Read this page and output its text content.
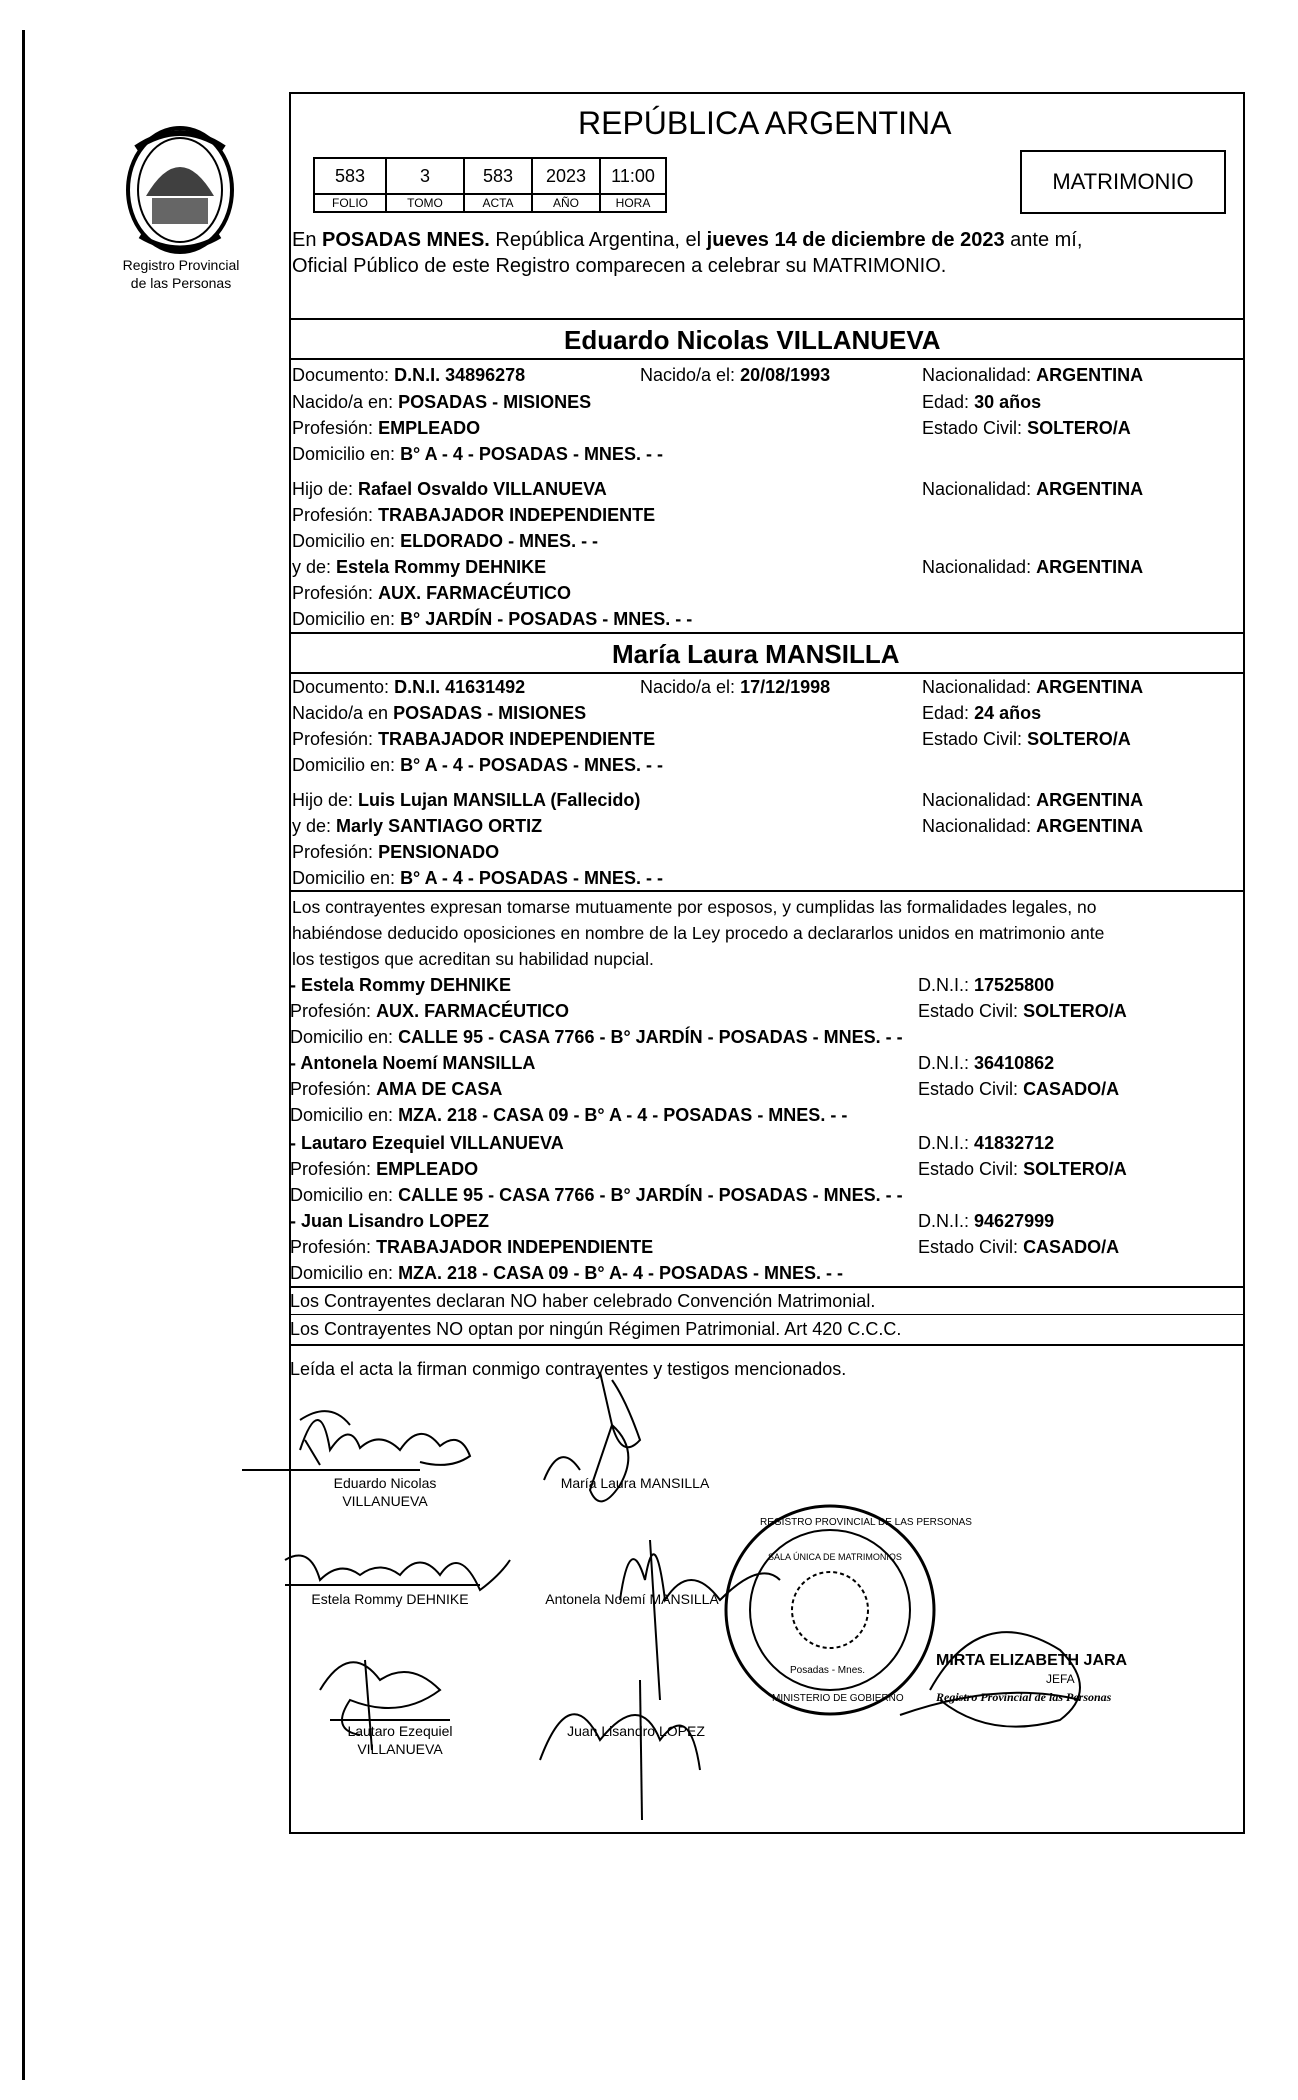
Registro Provincial
de las Personas
REPÚBLICA ARGENTINA
583	3	583	2023	11:00
FOLIO	TOMO	ACTA	AÑO	HORA
MATRIMONIO
En POSADAS MNES. República Argentina, el jueves 14 de diciembre de 2023 ante mí,
Oficial Público de este Registro comparecen a celebrar su MATRIMONIO.
Eduardo Nicolas VILLANUEVA
Documento: D.N.I. 34896278	Nacido/a el: 20/08/1993	Nacionalidad: ARGENTINA
Nacido/a en: POSADAS - MISIONES	Edad: 30 años
Profesión: EMPLEADO	Estado Civil: SOLTERO/A
Domicilio en: B° A - 4 - POSADAS - MNES. - -
Hijo de: Rafael Osvaldo VILLANUEVA	Nacionalidad: ARGENTINA
Profesión: TRABAJADOR INDEPENDIENTE
Domicilio en: ELDORADO - MNES. - -
y de: Estela Rommy DEHNIKE	Nacionalidad: ARGENTINA
Profesión: AUX. FARMACÉUTICO
Domicilio en: B° JARDÍN - POSADAS - MNES. - -
María Laura MANSILLA
Documento: D.N.I. 41631492	Nacido/a el: 17/12/1998	Nacionalidad: ARGENTINA
Nacido/a en POSADAS - MISIONES	Edad: 24 años
Profesión: TRABAJADOR INDEPENDIENTE	Estado Civil: SOLTERO/A
Domicilio en: B° A - 4 - POSADAS - MNES. - -
Hijo de: Luis Lujan MANSILLA (Fallecido)	Nacionalidad: ARGENTINA
y de: Marly SANTIAGO ORTIZ	Nacionalidad: ARGENTINA
Profesión: PENSIONADO
Domicilio en: B° A - 4 - POSADAS - MNES. - -
Los contrayentes expresan tomarse mutuamente por esposos, y cumplidas las formalidades legales, no
habiéndose deducido oposiciones en nombre de la Ley procedo a declararlos unidos en matrimonio ante
los testigos que acreditan su habilidad nupcial.
- Estela Rommy DEHNIKE	D.N.I.: 17525800
Profesión: AUX. FARMACÉUTICO	Estado Civil: SOLTERO/A
Domicilio en: CALLE 95 - CASA 7766 - B° JARDÍN - POSADAS - MNES. - -
- Antonela Noemí MANSILLA	D.N.I.: 36410862
Profesión: AMA DE CASA	Estado Civil: CASADO/A
Domicilio en: MZA. 218 - CASA 09 - B° A - 4 - POSADAS - MNES. - -
- Lautaro Ezequiel VILLANUEVA	D.N.I.: 41832712
Profesión: EMPLEADO	Estado Civil: SOLTERO/A
Domicilio en: CALLE 95 - CASA 7766 - B° JARDÍN - POSADAS - MNES. - -
- Juan Lisandro LOPEZ	D.N.I.: 94627999
Profesión: TRABAJADOR INDEPENDIENTE	Estado Civil: CASADO/A
Domicilio en: MZA. 218 - CASA 09 - B° A- 4 - POSADAS - MNES. - -
Los Contrayentes declaran NO haber celebrado Convención Matrimonial.
Los Contrayentes NO optan por ningún Régimen Patrimonial. Art 420 C.C.C.
Leída el acta la firman conmigo contrayentes y testigos mencionados.
REGISTRO PROVINCIAL DE LAS PERSONAS
SALA ÚNICA DE MATRIMONIOS
Posadas - Mnes.
MINISTERIO DE GOBIERNO
Eduardo Nicolas
VILLANUEVA
María Laura MANSILLA
Estela Rommy DEHNIKE	Antonela Noemí MANSILLA
Lautaro Ezequiel
VILLANUEVA
Juan Lisandro LOPEZ
MIRTA ELIZABETH JARA
JEFA
Registro Provincial de las Personas
